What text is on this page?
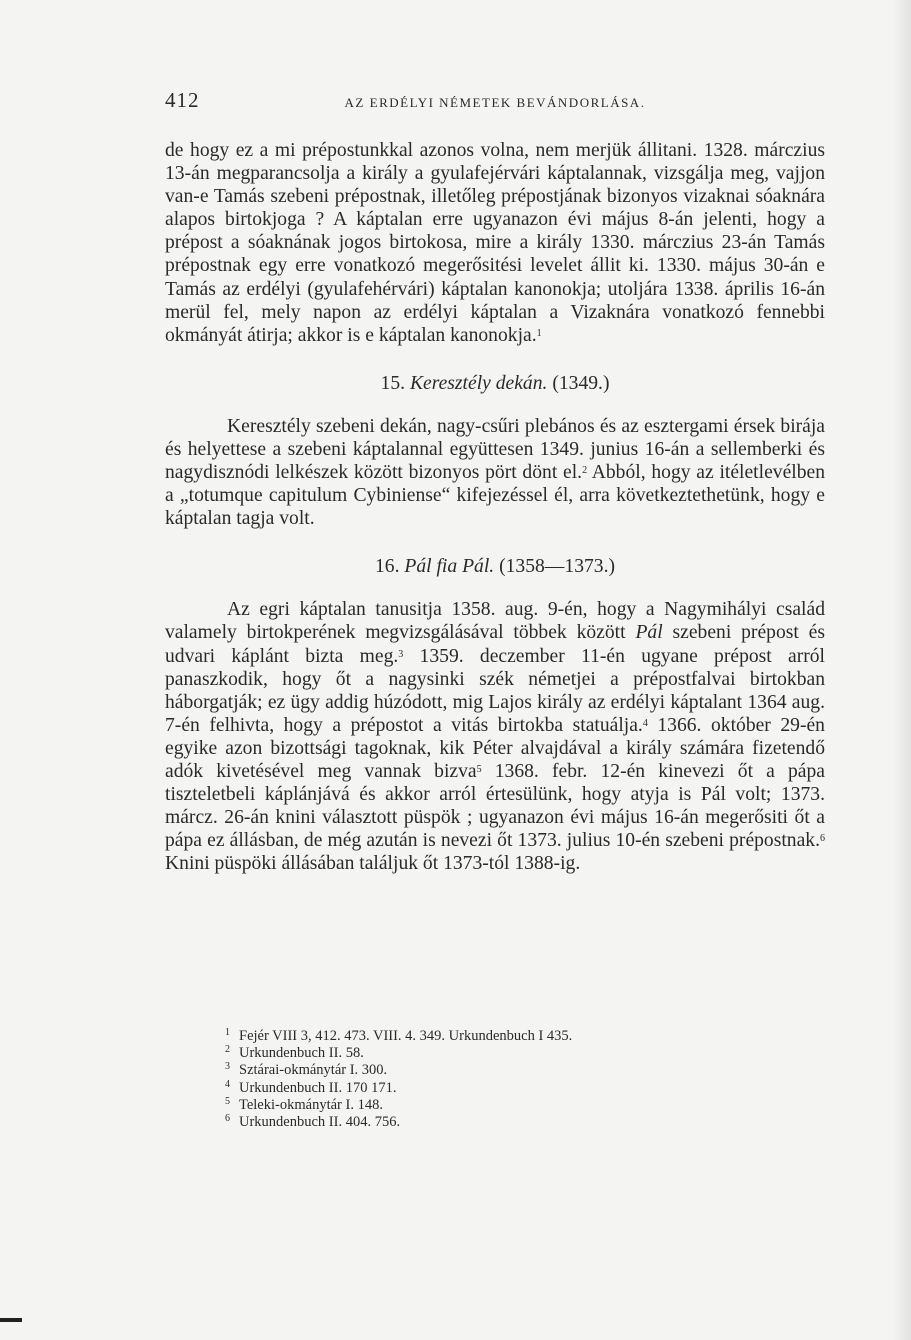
412	AZ ERDÉLYI NÉMETEK BEVÁNDORLÁSA.

de hogy ez a mi prépostunkkal azonos volna, nem merjük állitani. 1328. márczius 13-án megparancsolja a király a gyulafejérvári káptalannak, vizsgálja meg, vajjon van-e Tamás szebeni prépostnak, illetőleg prépostjának bizonyos vizaknai sóaknára alapos birtokjoga ? A káptalan erre ugyanazon évi május 8-án jelenti, hogy a prépost a sóaknának jogos birtokosa, mire a király 1330. márczius 23-án Tamás prépostnak egy erre vonatkozó megerősitési levelet állit ki. 1330. május 30-án e Tamás az erdélyi (gyulafehérvári) káptalan kanonokja; utoljára 1338. április 16-án merül fel, mely napon az erdélyi káptalan a Vizaknára vonatkozó fennebbi okmányát átirja; akkor is e káptalan kanonokja.$^1$

15. Keresztély dekán. (1349.)

Keresztély szebeni dekán, nagy-csűri plebános és az esztergami érsek birája és helyettese a szebeni káptalannal együttesen 1349. junius 16-án a sellemberki és nagydisznódi lelkészek között bizonyos pört dönt el.$^2$ Abból, hogy az itéletlevélben a „totumque capitulum Cybiniense“ kifejezéssel él, arra következtethetünk, hogy e káptalan tagja volt.

16. Pál fia Pál. (1358—1373.)

Az egri káptalan tanusitja 1358. aug. 9-én, hogy a Nagymihályi család valamely birtokperének megvizsgálásával többek között Pál szebeni prépost és udvari káplánt bizta meg.$^3$ 1359. deczember 11-én ugyane prépost arról panaszkodik, hogy őt a nagysinki szék németjei a prépostfalvai birtokban háborgatják; ez ügy addig húzódott, mig Lajos király az erdélyi káptalant 1364 aug. 7-én felhivta, hogy a prépostot a vitás birtokba statuálja.$^4$ 1366. október 29-én egyike azon bizottsági tagoknak, kik Péter alvajdával a király számára fizetendő adók kivetésével meg vannak bizva$^5$ 1368. febr. 12-én kinevezi őt a pápa tiszteletbeli káplánjává és akkor arról értesülünk, hogy atyja is Pál volt; 1373. márcz. 26-án knini választott püspök ; ugyanazon évi május 16-án megerősiti őt a pápa ez állásban, de még azután is nevezi őt 1373. julius 10-én szebeni prépostnak.$^6$ Knini püspöki állásában találjuk őt 1373-tól 1388-ig.

$^1$ Fejér VIII 3, 412. 473. VIII. 4. 349. Urkundenbuch I 435.
$^2$ Urkundenbuch II. 58.
$^3$ Sztárai-okmánytár I. 300.
$^4$ Urkundenbuch II. 170 171.
$^5$ Teleki-okmánytár I. 148.
$^6$ Urkundenbuch II. 404. 756.
